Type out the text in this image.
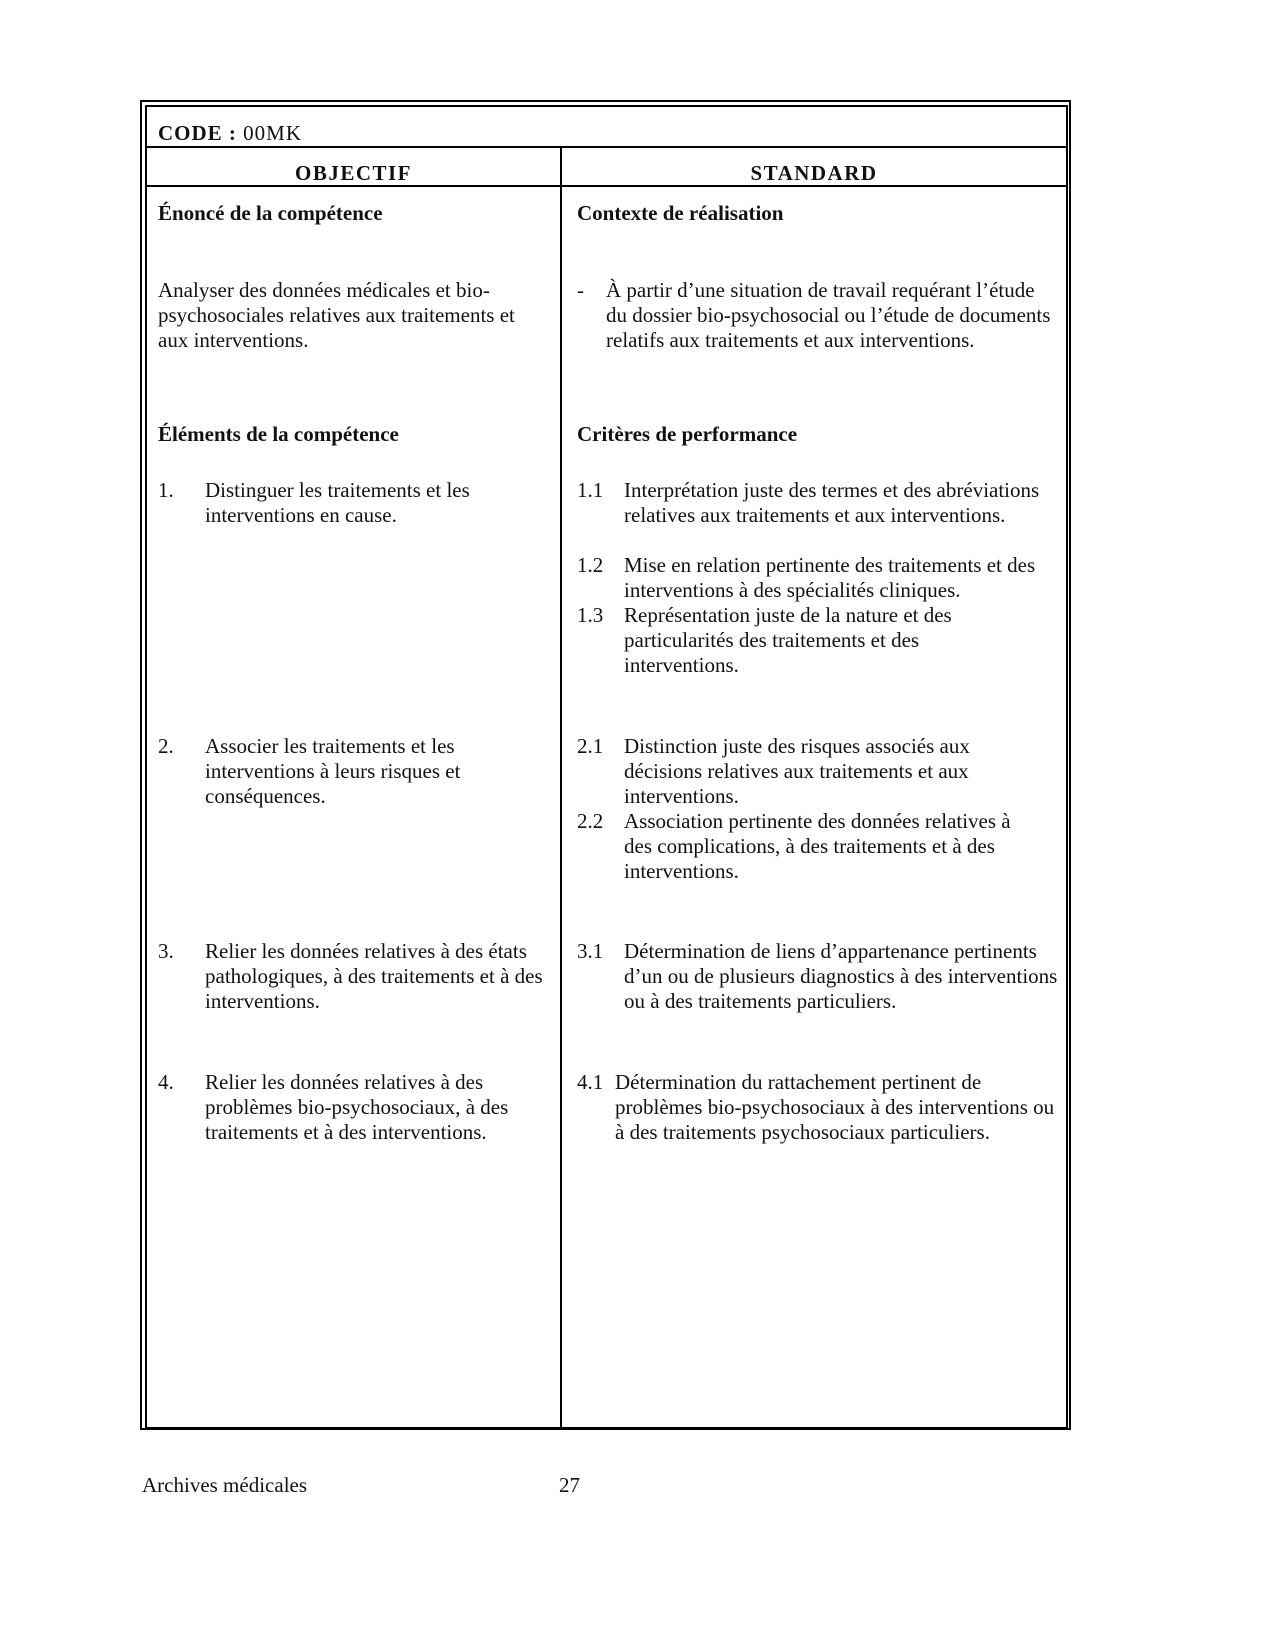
CODE : 00MK
OBJECTIF	STANDARD
Énoncé de la compétence
Analyser des données médicales et bio-psychosociales relatives aux traitements et aux interventions.
Éléments de la compétence
1. Distinguer les traitements et les interventions en cause.
2. Associer les traitements et les interventions à leurs risques et conséquences.
3. Relier les données relatives à des états pathologiques, à des traitements et à des interventions.
4. Relier les données relatives à des problèmes bio-psychosociaux, à des traitements et à des interventions.
Contexte de réalisation
- À partir d’une situation de travail requérant l’étude du dossier bio-psychosocial ou l’étude de documents relatifs aux traitements et aux interventions.
Critères de performance
1.1 Interprétation juste des termes et des abréviations relatives aux traitements et aux interventions.
1.2 Mise en relation pertinente des traitements et des interventions à des spécialités cliniques.
1.3 Représentation juste de la nature et des particularités des traitements et des interventions.
2.1 Distinction juste des risques associés aux décisions relatives aux traitements et aux interventions.
2.2 Association pertinente des données relatives à des complications, à des traitements et à des interventions.
3.1 Détermination de liens d’appartenance pertinents d’un ou de plusieurs diagnostics à des interventions ou à des traitements particuliers.
4.1 Détermination du rattachement pertinent de problèmes bio-psychosociaux à des interventions ou à des traitements psychosociaux particuliers.
Archives médicales	27
